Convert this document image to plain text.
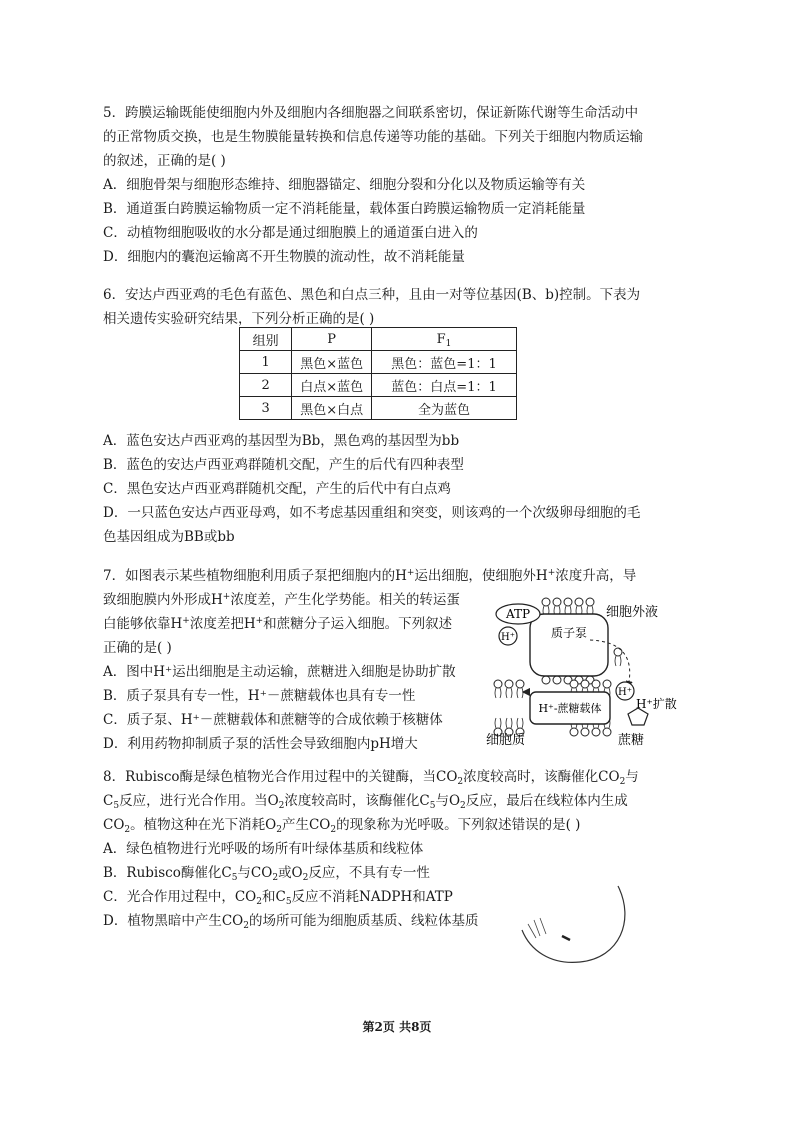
5．跨膜运输既能使细胞内外及细胞内各细胞器之间联系密切，保证新陈代谢等生命活动中
的正常物质交换，也是生物膜能量转换和信息传递等功能的基础。下列关于细胞内物质运输
的叙述，正确的是( )
A．细胞骨架与细胞形态维持、细胞器锚定、细胞分裂和分化以及物质运输等有关
B．通道蛋白跨膜运输物质一定不消耗能量，载体蛋白跨膜运输物质一定消耗能量
C．动植物细胞吸收的水分都是通过细胞膜上的通道蛋白进入的
D．细胞内的囊泡运输离不开生物膜的流动性，故不消耗能量
6．安达卢西亚鸡的毛色有蓝色、黑色和白点三种，且由一对等位基因(B、b)控制。下表为
相关遗传实验研究结果，下列分析正确的是( )
组别	P	$F_1$
1	黑色×蓝色	黑色：蓝色=1：1
2	白点×蓝色	蓝色：白点=1：1
3	黑色×白点	全为蓝色
A．蓝色安达卢西亚鸡的基因型为Bb，黑色鸡的基因型为bb
B．蓝色的安达卢西亚鸡群随机交配，产生的后代有四种表型
C．黑色安达卢西亚鸡群随机交配，产生的后代中有白点鸡
D．一只蓝色安达卢西亚母鸡，如不考虑基因重组和突变，则该鸡的一个次级卵母细胞的毛
色基因组成为BB或bb
7．如图表示某些植物细胞利用质子泵把细胞内的H+运出细胞，使细胞外H+浓度升高，导
致细胞膜内外形成H+浓度差，产生化学势能。相关的转运蛋
白能够依靠H+浓度差把H+和蔗糖分子运入细胞。下列叙述
正确的是( )
A．图中H⁺运出细胞是主动运输，蔗糖进入细胞是协助扩散
B．质子泵具有专一性，H⁺－蔗糖载体也具有专一性
C．质子泵、H⁺－蔗糖载体和蔗糖等的合成依赖于核糖体
D．利用药物抑制质子泵的活性会导致细胞内pH增大
质子泵
ATP
H⁺
细胞外液
H⁺-蔗糖载体
H⁺
H⁺扩散
细胞质	蔗糖
8．Rubisco酶是绿色植物光合作用过程中的关键酶，当$CO_2$浓度较高时，该酶催化$CO_2$与
$C_5$反应，进行光合作用。当$O_2$浓度较高时，该酶催化$C_5$与$O_2$反应，最后在线粒体内生成
$CO_2$。植物这种在光下消耗$O_2$产生$CO_2$的现象称为光呼吸。下列叙述错误的是( )
A．绿色植物进行光呼吸的场所有叶绿体基质和线粒体
B．Rubisco酶催化$C_5$与$CO_2$或$O_2$反应，不具有专一性
C．光合作用过程中，$CO_2$和$C_5$反应不消耗NADPH和ATP
D．植物黑暗中产生$CO_2$的场所可能为细胞质基质、线粒体基质
第2页 共8页
